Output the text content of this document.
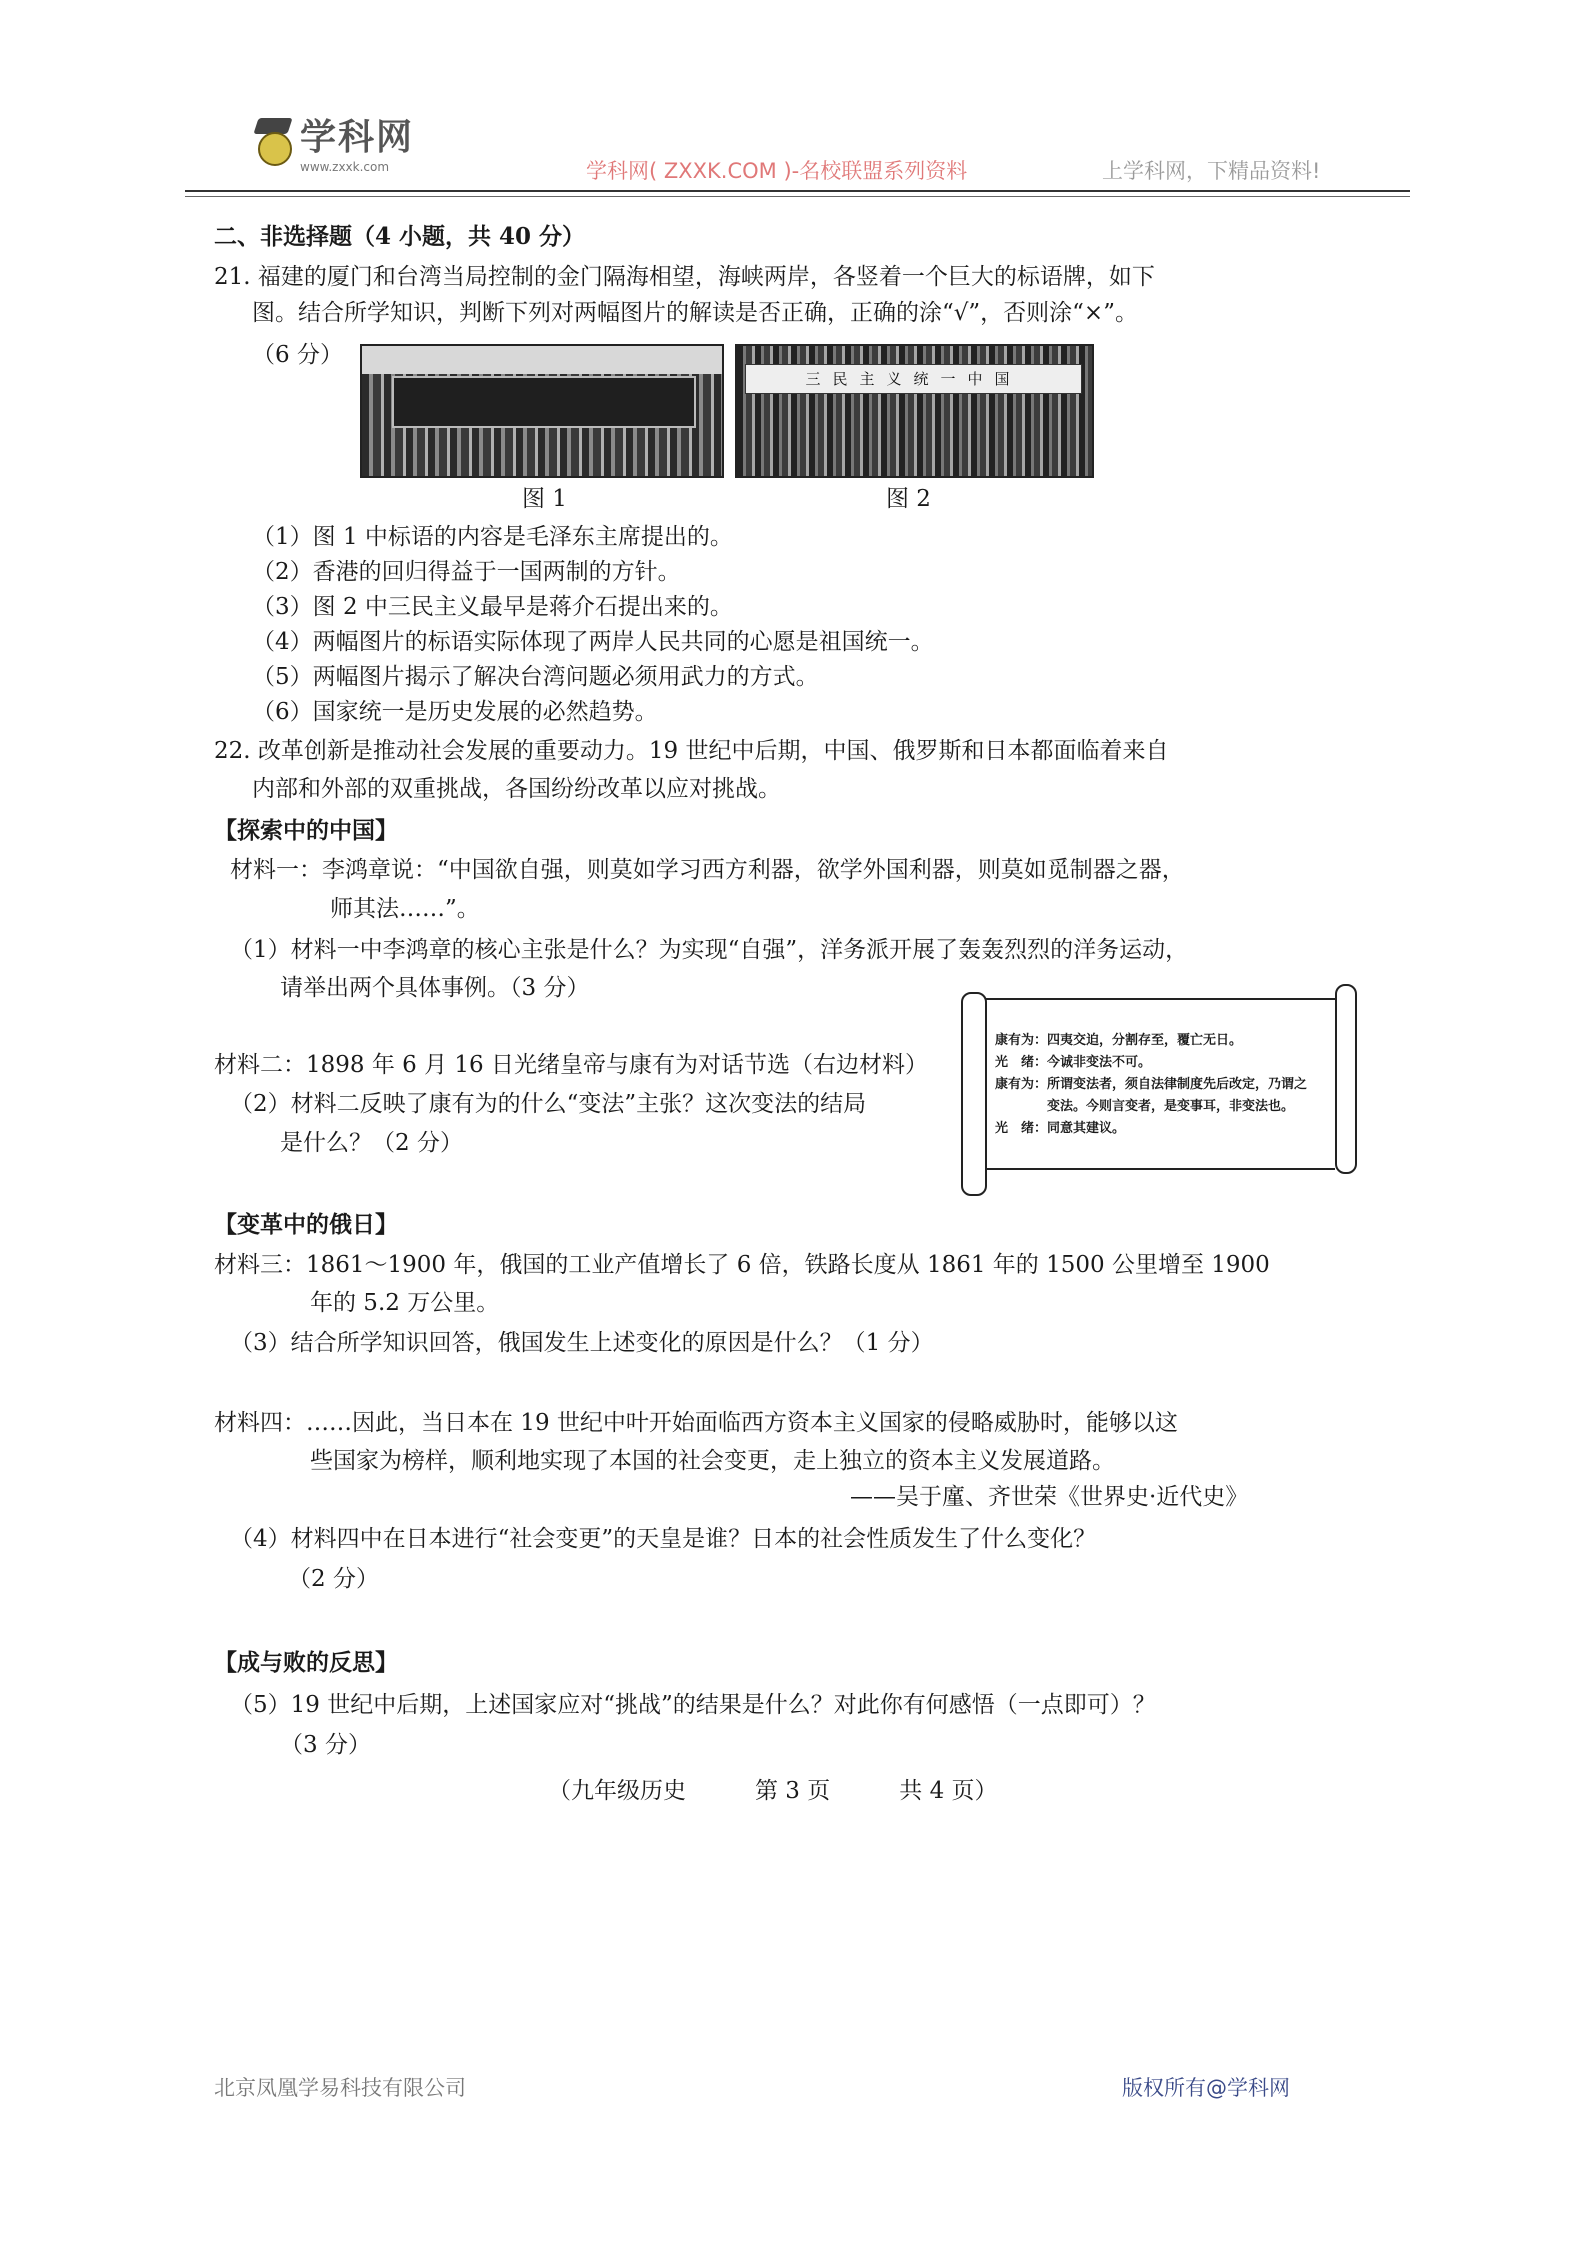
学科网
www.zxxk.com	学科网( ZXXK.COM )-名校联盟系列资料	上学科网，下精品资料!
二、非选择题（4 小题，共 40 分）
21. 福建的厦门和台湾当局控制的金门隔海相望，海峡两岸，各竖着一个巨大的标语牌，如下
图。结合所学知识，判断下列对两幅图片的解读是否正确，正确的涂“√”，否则涂“×”。
（6 分）
三民主义统一中国
图 1	图 2
（1）图 1 中标语的内容是毛泽东主席提出的。
（2）香港的回归得益于一国两制的方针。
（3）图 2 中三民主义最早是蒋介石提出来的。
（4）两幅图片的标语实际体现了两岸人民共同的心愿是祖国统一。
（5）两幅图片揭示了解决台湾问题必须用武力的方式。
（6）国家统一是历史发展的必然趋势。
22. 改革创新是推动社会发展的重要动力。19 世纪中后期，中国、俄罗斯和日本都面临着来自
内部和外部的双重挑战，各国纷纷改革以应对挑战。
【探索中的中国】
材料一：李鸿章说：“中国欲自强，则莫如学习西方利器，欲学外国利器，则莫如觅制器之器，
师其法……”。
（1）材料一中李鸿章的核心主张是什么？为实现“自强”，洋务派开展了轰轰烈烈的洋务运动，
请举出两个具体事例。（3 分）
材料二：1898 年 6 月 16 日光绪皇帝与康有为对话节选（右边材料）
（2）材料二反映了康有为的什么“变法”主张？这次变法的结局
是什么？（2 分）
康有为：四夷交迫，分割存至，覆亡无日。
光　绪：今诚非变法不可。
康有为：所谓变法者，须自法律制度先后改定，乃谓之
　　　　变法。今则言变者，是变事耳，非变法也。
光　绪：同意其建议。
【变革中的俄日】
材料三：1861～1900 年，俄国的工业产值增长了 6 倍，铁路长度从 1861 年的 1500 公里增至 1900
年的 5.2 万公里。
（3）结合所学知识回答，俄国发生上述变化的原因是什么？（1 分）
材料四：……因此，当日本在 19 世纪中叶开始面临西方资本主义国家的侵略威胁时，能够以这
些国家为榜样，顺利地实现了本国的社会变更，走上独立的资本主义发展道路。
——吴于廑、齐世荣《世界史·近代史》
（4）材料四中在日本进行“社会变更”的天皇是谁？日本的社会性质发生了什么变化？
（2 分）
【成与败的反思】
（5）19 世纪中后期，上述国家应对“挑战”的结果是什么？对此你有何感悟（一点即可）？
（3 分）
（九年级历史　　　第 3 页　　　共 4 页）
北京凤凰学易科技有限公司	版权所有@学科网
